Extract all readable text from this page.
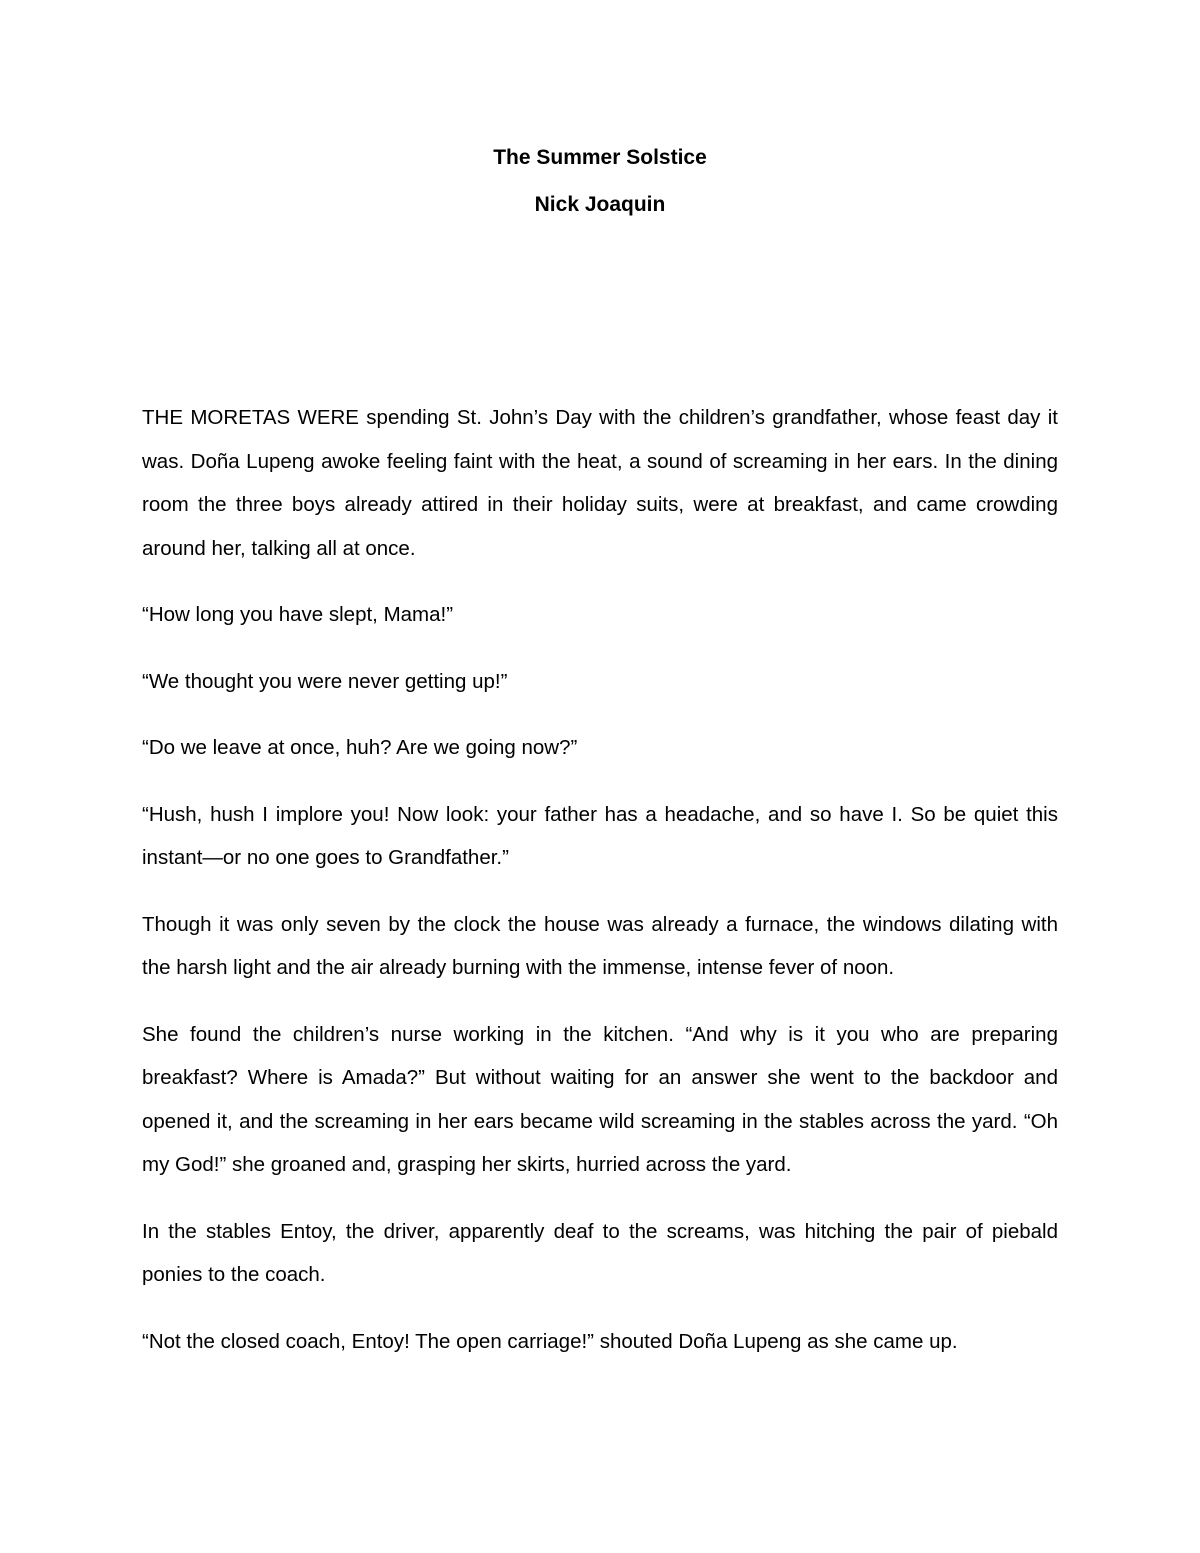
The Summer Solstice
Nick Joaquin

THE MORETAS WERE spending St. John’s Day with the children’s grandfather, whose feast day it was. Doña Lupeng awoke feeling faint with the heat, a sound of screaming in her ears. In the dining room the three boys already attired in their holiday suits, were at breakfast, and came crowding around her, talking all at once.

“How long you have slept, Mama!”

“We thought you were never getting up!”

“Do we leave at once, huh? Are we going now?”

“Hush, hush I implore you! Now look: your father has a headache, and so have I. So be quiet this instant—or no one goes to Grandfather.”

Though it was only seven by the clock the house was already a furnace, the windows dilating with the harsh light and the air already burning with the immense, intense fever of noon.

She found the children’s nurse working in the kitchen. “And why is it you who are preparing breakfast? Where is Amada?” But without waiting for an answer she went to the backdoor and opened it, and the screaming in her ears became wild screaming in the stables across the yard. “Oh my God!” she groaned and, grasping her skirts, hurried across the yard.

In the stables Entoy, the driver, apparently deaf to the screams, was hitching the pair of piebald ponies to the coach.

“Not the closed coach, Entoy! The open carriage!” shouted Doña Lupeng as she came up.
